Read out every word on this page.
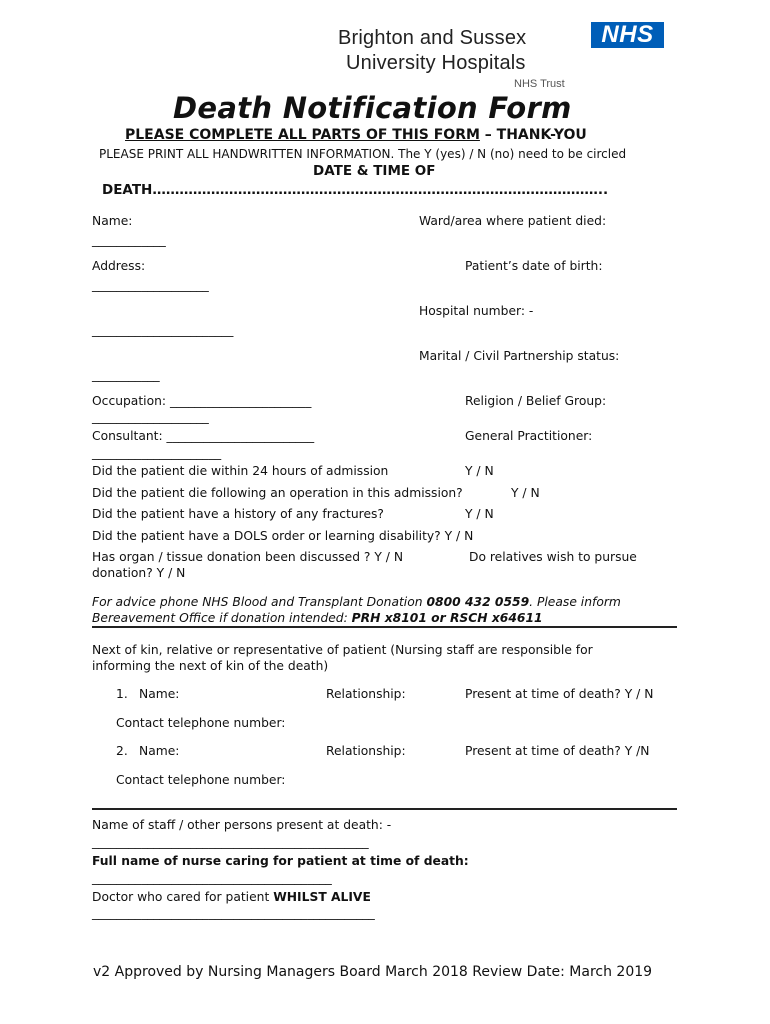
Brighton and Sussex
University Hospitals
NHS
NHS Trust
Death Notification Form
PLEASE COMPLETE ALL PARTS OF THIS FORM – THANK-YOU
PLEASE PRINT ALL HANDWRITTEN INFORMATION. The Y (yes) / N (no) need to be circled
DATE & TIME OF
DEATH………………………………………………………………………………………..
Name:
____________
Ward/area where patient died:
Address:
___________________
Patient’s date of birth:
Hospital number: -
_______________________
Marital / Civil Partnership status:
___________
Occupation: _______________________
___________________
Religion / Belief Group:
Consultant: ________________________
_____________________
General Practitioner:
Did the patient die within 24 hours of admission	Y / N
Did the patient die following an operation in this admission?	Y / N
Did the patient have a history of any fractures?	Y / N
Did the patient have a DOLS order or learning disability? Y / N
Has organ / tissue donation been discussed ? Y / N	Do relatives wish to pursue
donation? Y / N
For advice phone NHS Blood and Transplant Donation 0800 432 0559. Please inform
Bereavement Office if donation intended: PRH x8101 or RSCH x64611
Next of kin, relative or representative of patient (Nursing staff are responsible for
informing the next of kin of the death)
1. Name:	Relationship:	Present at time of death? Y / N
Contact telephone number:
2. Name:	Relationship:	Present at time of death? Y /N
Contact telephone number:
Name of staff / other persons present at death: -
_____________________________________________
Full name of nurse caring for patient at time of death:
_______________________________________
Doctor who cared for patient WHILST ALIVE
______________________________________________
v2 Approved by Nursing Managers Board March 2018 Review Date: March 2019
